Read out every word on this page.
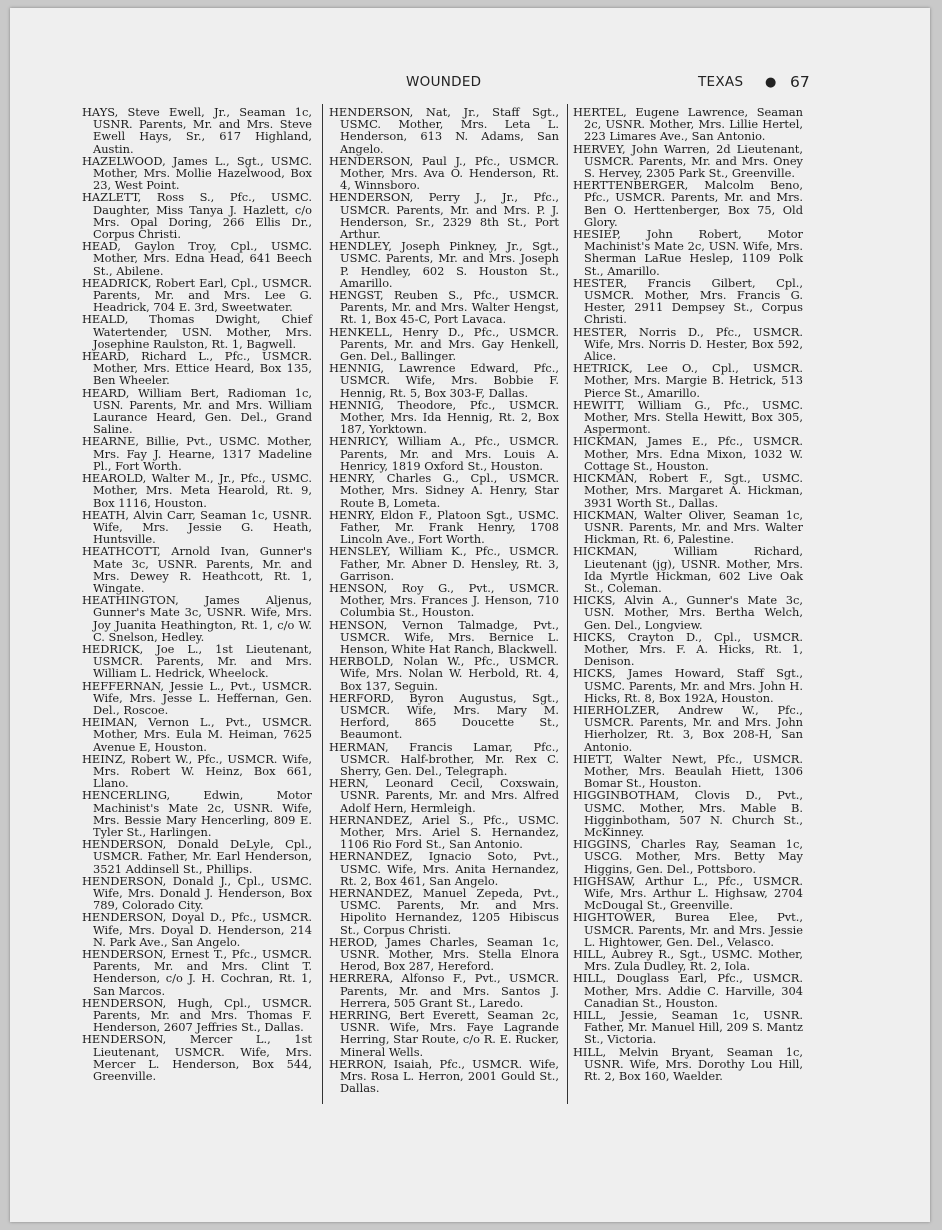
WOUNDED	TEXAS ● 67
HAYS, Steve Ewell, Jr., Seaman 1c, USNR. Parents, Mr. and Mrs. Steve Ewell Hays, Sr., 617 Highland, Austin.
HAZELWOOD, James L., Sgt., USMC. Mother, Mrs. Mollie Hazelwood, Box 23, West Point.
HAZLETT, Ross S., Pfc., USMC. Daughter, Miss Tanya J. Hazlett, c/o Mrs. Opal Doring, 266 Ellis Dr., Corpus Christi.
HEAD, Gaylon Troy, Cpl., USMC. Mother, Mrs. Edna Head, 641 Beech St., Abilene.
HEADRICK, Robert Earl, Cpl., USMCR. Parents, Mr. and Mrs. Lee G. Headrick, 704 E. 3rd, Sweetwater.
HEALD, Thomas Dwight, Chief Watertender, USN. Mother, Mrs. Josephine Raulston, Rt. 1, Bagwell.
HEARD, Richard L., Pfc., USMCR. Mother, Mrs. Ettice Heard, Box 135, Ben Wheeler.
HEARD, William Bert, Radioman 1c, USN. Parents, Mr. and Mrs. William Laurance Heard, Gen. Del., Grand Saline.
HEARNE, Billie, Pvt., USMC. Mother, Mrs. Fay J. Hearne, 1317 Madeline Pl., Fort Worth.
HEAROLD, Walter M., Jr., Pfc., USMC. Mother, Mrs. Meta Hearold, Rt. 9, Box 1116, Houston.
HEATH, Alvin Carr, Seaman 1c, USNR. Wife, Mrs. Jessie G. Heath, Huntsville.
HEATHCOTT, Arnold Ivan, Gunner's Mate 3c, USNR. Parents, Mr. and Mrs. Dewey R. Heathcott, Rt. 1, Wingate.
HEATHINGTON, James Aljenus, Gunner's Mate 3c, USNR. Wife, Mrs. Joy Juanita Heathington, Rt. 1, c/o W. C. Snelson, Hedley.
HEDRICK, Joe L., 1st Lieutenant, USMCR. Parents, Mr. and Mrs. William L. Hedrick, Wheelock.
HEFFERNAN, Jessie L., Pvt., USMCR. Wife, Mrs. Jesse L. Heffernan, Gen. Del., Roscoe.
HEIMAN, Vernon L., Pvt., USMCR. Mother, Mrs. Eula M. Heiman, 7625 Avenue E, Houston.
HEINZ, Robert W., Pfc., USMCR. Wife, Mrs. Robert W. Heinz, Box 661, Llano.
HENCERLING, Edwin, Motor Machinist's Mate 2c, USNR. Wife, Mrs. Bessie Mary Hencerling, 809 E. Tyler St., Harlingen.
HENDERSON, Donald DeLyle, Cpl., USMCR. Father, Mr. Earl Henderson, 3521 Addinsell St., Phillips.
HENDERSON, Donald J., Cpl., USMC. Wife, Mrs. Donald J. Henderson, Box 789, Colorado City.
HENDERSON, Doyal D., Pfc., USMCR. Wife, Mrs. Doyal D. Henderson, 214 N. Park Ave., San Angelo.
HENDERSON, Ernest T., Pfc., USMCR. Parents, Mr. and Mrs. Clint T. Henderson, c/o J. H. Cochran, Rt. 1, San Marcos.
HENDERSON, Hugh, Cpl., USMCR. Parents, Mr. and Mrs. Thomas F. Henderson, 2607 Jeffries St., Dallas.
HENDERSON, Mercer L., 1st Lieutenant, USMCR. Wife, Mrs. Mercer L. Henderson, Box 544, Greenville.
HENDERSON, Nat, Jr., Staff Sgt., USMC. Mother, Mrs. Leta L. Henderson, 613 N. Adams, San Angelo.
HENDERSON, Paul J., Pfc., USMCR. Mother, Mrs. Ava O. Henderson, Rt. 4, Winnsboro.
HENDERSON, Perry J., Jr., Pfc., USMCR. Parents, Mr. and Mrs. P. J. Henderson, Sr., 2329 8th St., Port Arthur.
HENDLEY, Joseph Pinkney, Jr., Sgt., USMC. Parents, Mr. and Mrs. Joseph P. Hendley, 602 S. Houston St., Amarillo.
HENGST, Reuben S., Pfc., USMCR. Parents, Mr. and Mrs. Walter Hengst, Rt. 1, Box 45-C, Port Lavaca.
HENKELL, Henry D., Pfc., USMCR. Parents, Mr. and Mrs. Gay Henkell, Gen. Del., Ballinger.
HENNIG, Lawrence Edward, Pfc., USMCR. Wife, Mrs. Bobbie F. Hennig, Rt. 5, Box 303-F, Dallas.
HENNIG, Theodore, Pfc., USMCR. Mother, Mrs. Ida Hennig, Rt. 2, Box 187, Yorktown.
HENRICY, William A., Pfc., USMCR. Parents, Mr. and Mrs. Louis A. Henricy, 1819 Oxford St., Houston.
HENRY, Charles G., Cpl., USMCR. Mother, Mrs. Sidney A. Henry, Star Route B, Lometa.
HENRY, Eldon F., Platoon Sgt., USMC. Father, Mr. Frank Henry, 1708 Lincoln Ave., Fort Worth.
HENSLEY, William K., Pfc., USMCR. Father, Mr. Abner D. Hensley, Rt. 3, Garrison.
HENSON, Roy G., Pvt., USMCR. Mother, Mrs. Frances J. Henson, 710 Columbia St., Houston.
HENSON, Vernon Talmadge, Pvt., USMCR. Wife, Mrs. Bernice L. Henson, White Hat Ranch, Blackwell.
HERBOLD, Nolan W., Pfc., USMCR. Wife, Mrs. Nolan W. Herbold, Rt. 4, Box 137, Seguin.
HERFORD, Byron Augustus, Sgt., USMCR. Wife, Mrs. Mary M. Herford, 865 Doucette St., Beaumont.
HERMAN, Francis Lamar, Pfc., USMCR. Half-brother, Mr. Rex C. Sherry, Gen. Del., Telegraph.
HERN, Leonard Cecil, Coxswain, USNR. Parents, Mr. and Mrs. Alfred Adolf Hern, Hermleigh.
HERNANDEZ, Ariel S., Pfc., USMC. Mother, Mrs. Ariel S. Hernandez, 1106 Rio Ford St., San Antonio.
HERNANDEZ, Ignacio Soto, Pvt., USMC. Wife, Mrs. Anita Hernandez, Rt. 2, Box 461, San Angelo.
HERNANDEZ, Manuel Zepeda, Pvt., USMC. Parents, Mr. and Mrs. Hipolito Hernandez, 1205 Hibiscus St., Corpus Christi.
HEROD, James Charles, Seaman 1c, USNR. Mother, Mrs. Stella Elnora Herod, Box 287, Hereford.
HERRERA, Alfonso F., Pvt., USMCR. Parents, Mr. and Mrs. Santos J. Herrera, 505 Grant St., Laredo.
HERRING, Bert Everett, Seaman 2c, USNR. Wife, Mrs. Faye Lagrande Herring, Star Route, c/o R. E. Rucker, Mineral Wells.
HERRON, Isaiah, Pfc., USMCR. Wife, Mrs. Rosa L. Herron, 2001 Gould St., Dallas.
HERTEL, Eugene Lawrence, Seaman 2c, USNR. Mother, Mrs. Lillie Hertel, 223 Limares Ave., San Antonio.
HERVEY, John Warren, 2d Lieutenant, USMCR. Parents, Mr. and Mrs. Oney S. Hervey, 2305 Park St., Greenville.
HERTTENBERGER, Malcolm Beno, Pfc., USMCR. Parents, Mr. and Mrs. Ben O. Herttenberger, Box 75, Old Glory.
HESIEP, John Robert, Motor Machinist's Mate 2c, USN. Wife, Mrs. Sherman LaRue Heslep, 1109 Polk St., Amarillo.
HESTER, Francis Gilbert, Cpl., USMCR. Mother, Mrs. Francis G. Hester, 2911 Dempsey St., Corpus Christi.
HESTER, Norris D., Pfc., USMCR. Wife, Mrs. Norris D. Hester, Box 592, Alice.
HETRICK, Lee O., Cpl., USMCR. Mother, Mrs. Margie B. Hetrick, 513 Pierce St., Amarillo.
HEWITT, William G., Pfc., USMC. Mother, Mrs. Stella Hewitt, Box 305, Aspermont.
HICKMAN, James E., Pfc., USMCR. Mother, Mrs. Edna Mixon, 1032 W. Cottage St., Houston.
HICKMAN, Robert F., Sgt., USMC. Mother, Mrs. Margaret A. Hickman, 3931 Worth St., Dallas.
HICKMAN, Walter Oliver, Seaman 1c, USNR. Parents, Mr. and Mrs. Walter Hickman, Rt. 6, Palestine.
HICKMAN, William Richard, Lieutenant (jg), USNR. Mother, Mrs. Ida Myrtle Hickman, 602 Live Oak St., Coleman.
HICKS, Alvin A., Gunner's Mate 3c, USN. Mother, Mrs. Bertha Welch, Gen. Del., Longview.
HICKS, Crayton D., Cpl., USMCR. Mother, Mrs. F. A. Hicks, Rt. 1, Denison.
HICKS, James Howard, Staff Sgt., USMC. Parents, Mr. and Mrs. John H. Hicks, Rt. 8, Box 192A, Houston.
HIERHOLZER, Andrew W., Pfc., USMCR. Parents, Mr. and Mrs. John Hierholzer, Rt. 3, Box 208-H, San Antonio.
HIETT, Walter Newt, Pfc., USMCR. Mother, Mrs. Beaulah Hiett, 1306 Bomar St., Houston.
HIGGINBOTHAM, Clovis D., Pvt., USMC. Mother, Mrs. Mable B. Higginbotham, 507 N. Church St., McKinney.
HIGGINS, Charles Ray, Seaman 1c, USCG. Mother, Mrs. Betty May Higgins, Gen. Del., Pottsboro.
HIGHSAW, Arthur L., Pfc., USMCR. Wife, Mrs. Arthur L. Highsaw, 2704 McDougal St., Greenville.
HIGHTOWER, Burea Elee, Pvt., USMCR. Parents, Mr. and Mrs. Jessie L. Hightower, Gen. Del., Velasco.
HILL, Aubrey R., Sgt., USMC. Mother, Mrs. Zula Dudley, Rt. 2, Iola.
HILL, Douglass Earl, Pfc., USMCR. Mother, Mrs. Addie C. Harville, 304 Canadian St., Houston.
HILL, Jessie, Seaman 1c, USNR. Father, Mr. Manuel Hill, 209 S. Mantz St., Victoria.
HILL, Melvin Bryant, Seaman 1c, USNR. Wife, Mrs. Dorothy Lou Hill, Rt. 2, Box 160, Waelder.
